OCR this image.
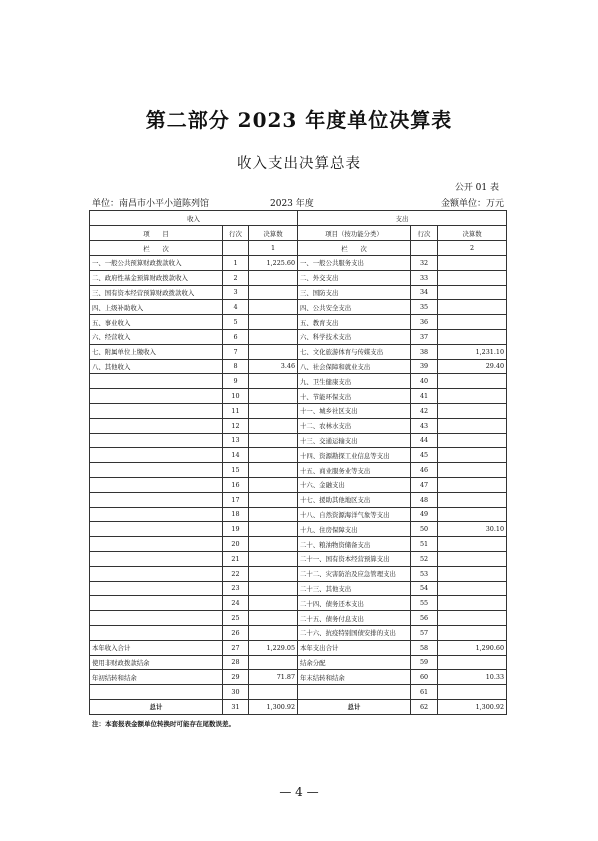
第二部分 2023 年度单位决算表
收入支出决算总表
公开 01 表
单位：南昌市小平小道陈列馆	2023 年度	金额单位：万元
收入			支出		
项　　目	行次	决算数	项目（按功能分类）	行次	决算数
栏　　次		1	栏　　次		2
一、一般公共预算财政拨款收入	1	1,225.60	一、一般公共服务支出	32	
二、政府性基金预算财政拨款收入	2		二、外交支出	33	
三、国有资本经营预算财政拨款收入	3		三、国防支出	34	
四、上级补助收入	4		四、公共安全支出	35	
五、事业收入	5		五、教育支出	36	
六、经营收入	6		六、科学技术支出	37	
七、附属单位上缴收入	7		七、文化旅游体育与传媒支出	38	1,231.10
八、其他收入	8	3.46	八、社会保障和就业支出	39	29.40
	9		九、卫生健康支出	40	
	10		十、节能环保支出	41	
	11		十一、城乡社区支出	42	
	12		十二、农林水支出	43	
	13		十三、交通运输支出	44	
	14		十四、资源勘探工业信息等支出	45	
	15		十五、商业服务业等支出	46	
	16		十六、金融支出	47	
	17		十七、援助其他地区支出	48	
	18		十八、自然资源海洋气象等支出	49	
	19		十九、住房保障支出	50	30.10
	20		二十、粮油物资储备支出	51	
	21		二十一、国有资本经营预算支出	52	
	22		二十二、灾害防治及应急管理支出	53	
	23		二十三、其他支出	54	
	24		二十四、债务还本支出	55	
	25		二十五、债务付息支出	56	
	26		二十六、抗疫特别国债安排的支出	57	
本年收入合计	27	1,229.05	本年支出合计	58	1,290.60
使用非财政拨款结余	28		结余分配	59	
年初结转和结余	29	71.87	年末结转和结余	60	10.33
	30			61	
总计	31	1,300.92	总计	62	1,300.92
注：本套报表金额单位转换时可能存在尾数误差。
— 4 —
